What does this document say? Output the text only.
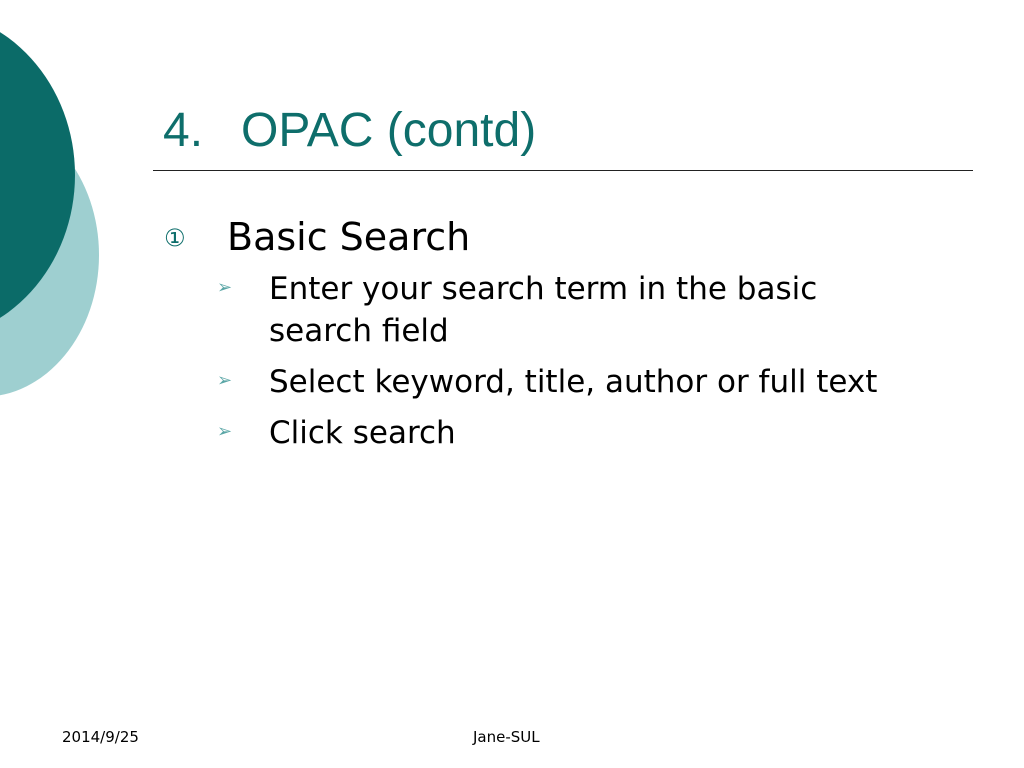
4. OPAC (contd)
① Basic Search
➢ Enter your search term in the basic search field
➢ Select keyword, title, author or full text
➢ Click search
2014/9/25	Jane-SUL
